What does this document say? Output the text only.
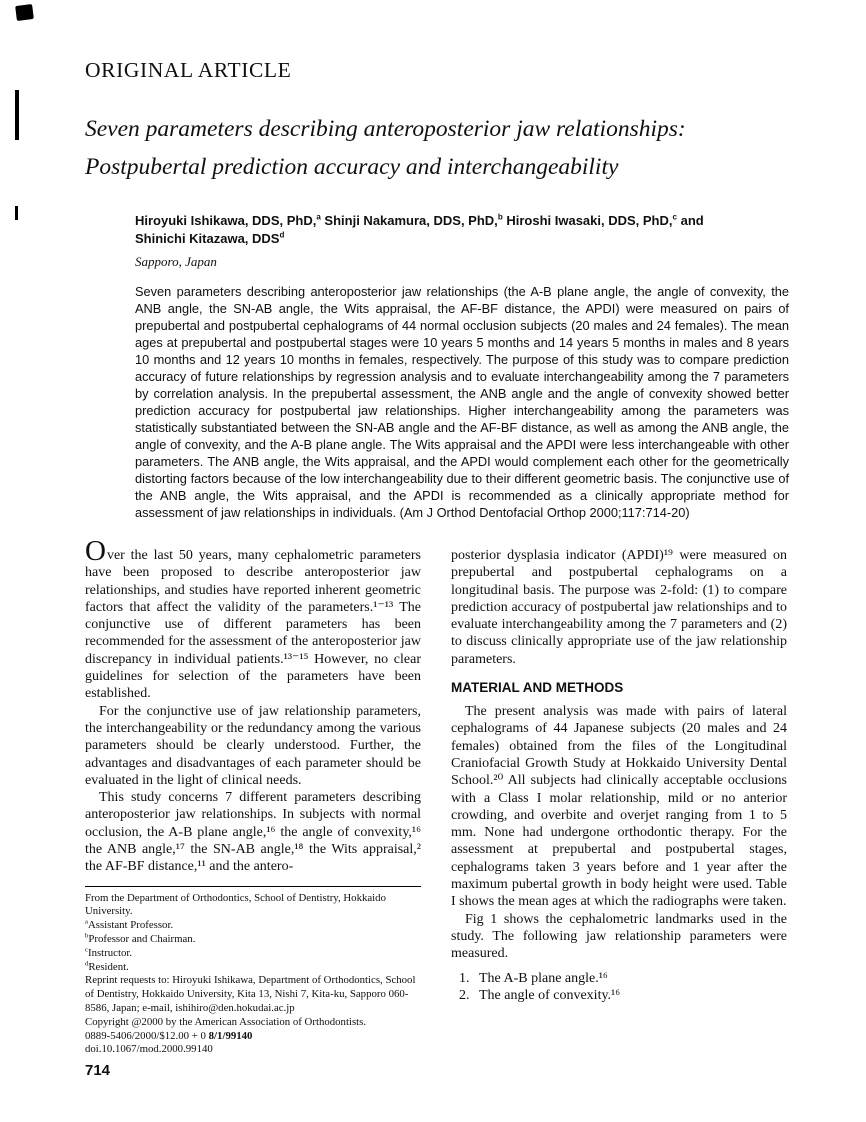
ORIGINAL ARTICLE
Seven parameters describing anteroposterior jaw relationships:
Postpubertal prediction accuracy and interchangeability

Hiroyuki Ishikawa, DDS, PhD,$^a$ Shinji Nakamura, DDS, PhD,$^b$ Hiroshi Iwasaki, DDS, PhD,$^c$ and
Shinichi Kitazawa, DDS$^d$

Sapporo, Japan

Seven parameters describing anteroposterior jaw relationships (the A-B plane angle, the angle of convexity, the ANB angle, the SN-AB angle, the Wits appraisal, the AF-BF distance, the APDI) were measured on pairs of prepubertal and postpubertal cephalograms of 44 normal occlusion subjects (20 males and 24 females). The mean ages at prepubertal and postpubertal stages were 10 years 5 months and 14 years 5 months in males and 8 years 10 months and 12 years 10 months in females, respectively. The purpose of this study was to compare prediction accuracy of future relationships by regression analysis and to evaluate interchangeability among the 7 parameters by correlation analysis. In the prepubertal assessment, the ANB angle and the angle of convexity showed better prediction accuracy for postpubertal jaw relationships. Higher interchangeability among the parameters was statistically substantiated between the SN-AB angle and the AF-BF distance, as well as among the ANB angle, the angle of convexity, and the A-B plane angle. The Wits appraisal and the APDI were less interchangeable with other parameters. The ANB angle, the Wits appraisal, and the APDI would complement each other for the geometrically distorting factors because of the low interchangeability due to their different geometric basis. The conjunctive use of the ANB angle, the Wits appraisal, and the APDI is recommended as a clinically appropriate method for assessment of jaw relationships in individuals. (Am J Orthod Dentofacial Orthop 2000;117:714-20)

Over the last 50 years, many cephalometric parameters have been proposed to describe anteroposterior jaw relationships, and studies have reported inherent geometric factors that affect the validity of the parameters.¹⁻¹³ The conjunctive use of different parameters has been recommended for the assessment of the anteroposterior jaw discrepancy in individual patients.¹³⁻¹⁵ However, no clear guidelines for selection of the parameters have been established.

For the conjunctive use of jaw relationship parameters, the interchangeability or the redundancy among the various parameters should be clearly understood. Further, the advantages and disadvantages of each parameter should be evaluated in the light of clinical needs.

This study concerns 7 different parameters describing anteroposterior jaw relationships. In subjects with normal occlusion, the A-B plane angle,¹⁶ the angle of convexity,¹⁶ the ANB angle,¹⁷ the SN-AB angle,¹⁸ the Wits appraisal,² the AF-BF distance,¹¹ and the antero-

From the Department of Orthodontics, School of Dentistry, Hokkaido University.

$^a$Assistant Professor.

$^b$Professor and Chairman.

$^c$Instructor.

$^d$Resident.

Reprint requests to: Hiroyuki Ishikawa, Department of Orthodontics, School of Dentistry, Hokkaido University, Kita 13, Nishi 7, Kita-ku, Sapporo 060-8586, Japan; e-mail, ishihiro@den.hokudai.ac.jp

Copyright @2000 by the American Association of Orthodontists.

0889-5406/2000/$12.00 + 0 8/1/99140

doi.10.1067/mod.2000.99140

posterior dysplasia indicator (APDI)¹⁹ were measured on prepubertal and postpubertal cephalograms on a longitudinal basis. The purpose was 2-fold: (1) to compare prediction accuracy of postpubertal jaw relationships and to evaluate interchangeability among the 7 parameters and (2) to discuss clinically appropriate use of the jaw relationship parameters.

MATERIAL AND METHODS

The present analysis was made with pairs of lateral cephalograms of 44 Japanese subjects (20 males and 24 females) obtained from the files of the Longitudinal Craniofacial Growth Study at Hokkaido University Dental School.²⁰ All subjects had clinically acceptable occlusions with a Class I molar relationship, mild or no anterior crowding, and overbite and overjet ranging from 1 to 5 mm. None had undergone orthodontic therapy. For the assessment at prepubertal and postpubertal stages, cephalograms taken 3 years before and 1 year after the maximum pubertal growth in body height were used. Table I shows the mean ages at which the radiographs were taken.

Fig 1 shows the cephalometric landmarks used in the study. The following jaw relationship parameters were measured.

1. The A-B plane angle.¹⁶
2. The angle of convexity.¹⁶
714
